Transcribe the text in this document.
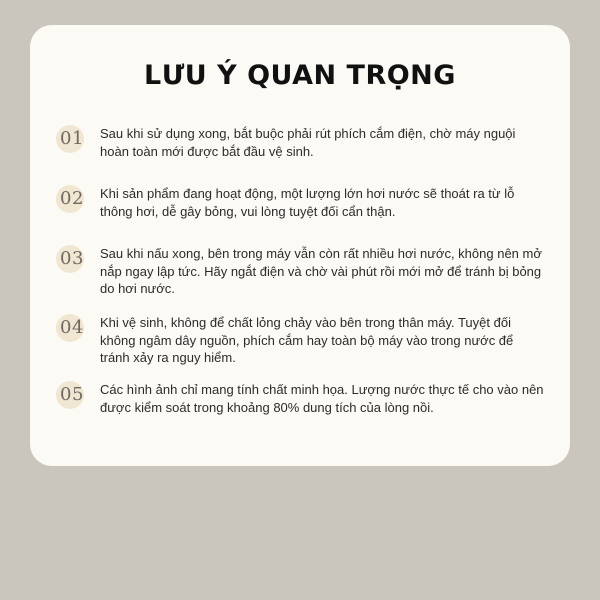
LƯU Ý QUAN TRỌNG
01 Sau khi sử dụng xong, bắt buộc phải rút phích cắm điện, chờ máy nguội hoàn toàn mới được bắt đầu vệ sinh.
02 Khi sản phẩm đang hoạt động, một lượng lớn hơi nước sẽ thoát ra từ lỗ thông hơi, dễ gây bỏng, vui lòng tuyệt đối cẩn thận.
03 Sau khi nấu xong, bên trong máy vẫn còn rất nhiều hơi nước, không nên mở nắp ngay lập tức. Hãy ngắt điện và chờ vài phút rồi mới mở để tránh bị bỏng do hơi nước.
04 Khi vệ sinh, không để chất lỏng chảy vào bên trong thân máy. Tuyệt đối không ngâm dây nguồn, phích cắm hay toàn bộ máy vào trong nước để tránh xảy ra nguy hiểm.
05 Các hình ảnh chỉ mang tính chất minh họa. Lượng nước thực tế cho vào nên được kiểm soát trong khoảng 80% dung tích của lòng nồi.
